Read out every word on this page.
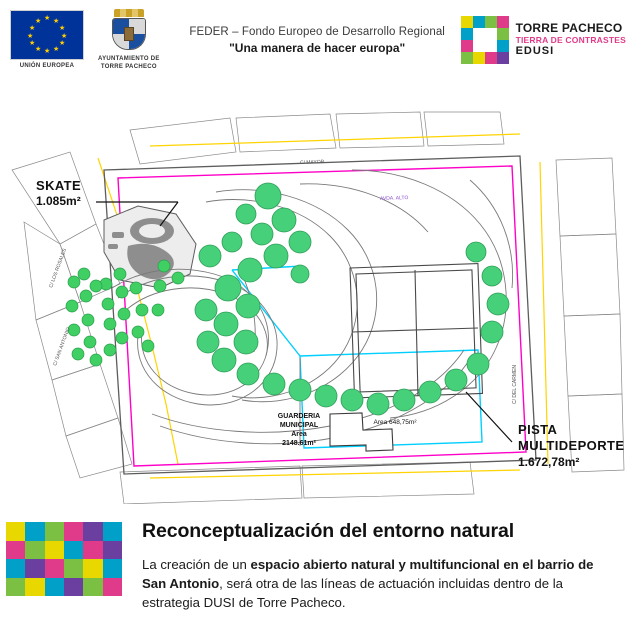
★ ★
★
★
★
★
★
★
★
★
★
★
UNIÓN EUROPEA
AYUNTAMIENTO DE
TORRE PACHECO
FEDER – Fondo Europeo de Desarrollo Regional
"Una manera de hacer europa"
TORRE PACHECO
TIERRA DE CONTRASTES
EDUSI
C/ LOS ROSALES
C/ SAN ANTONIO
C/ MAYOR
AVDA. ALTO
C/ DEL CARMEN
SKATE
1.085m²
PISTA
MULTIDEPORTE
1.672,78m²
GUARDERIA
MUNICIPAL
Area
2148.61m²
Area 648,75m²
Reconceptualización del entorno natural
La creación de un espacio abierto natural y multifuncional en el barrio de San Antonio, será otra de las líneas de actuación incluidas dentro de la estrategia DUSI de Torre Pacheco.
